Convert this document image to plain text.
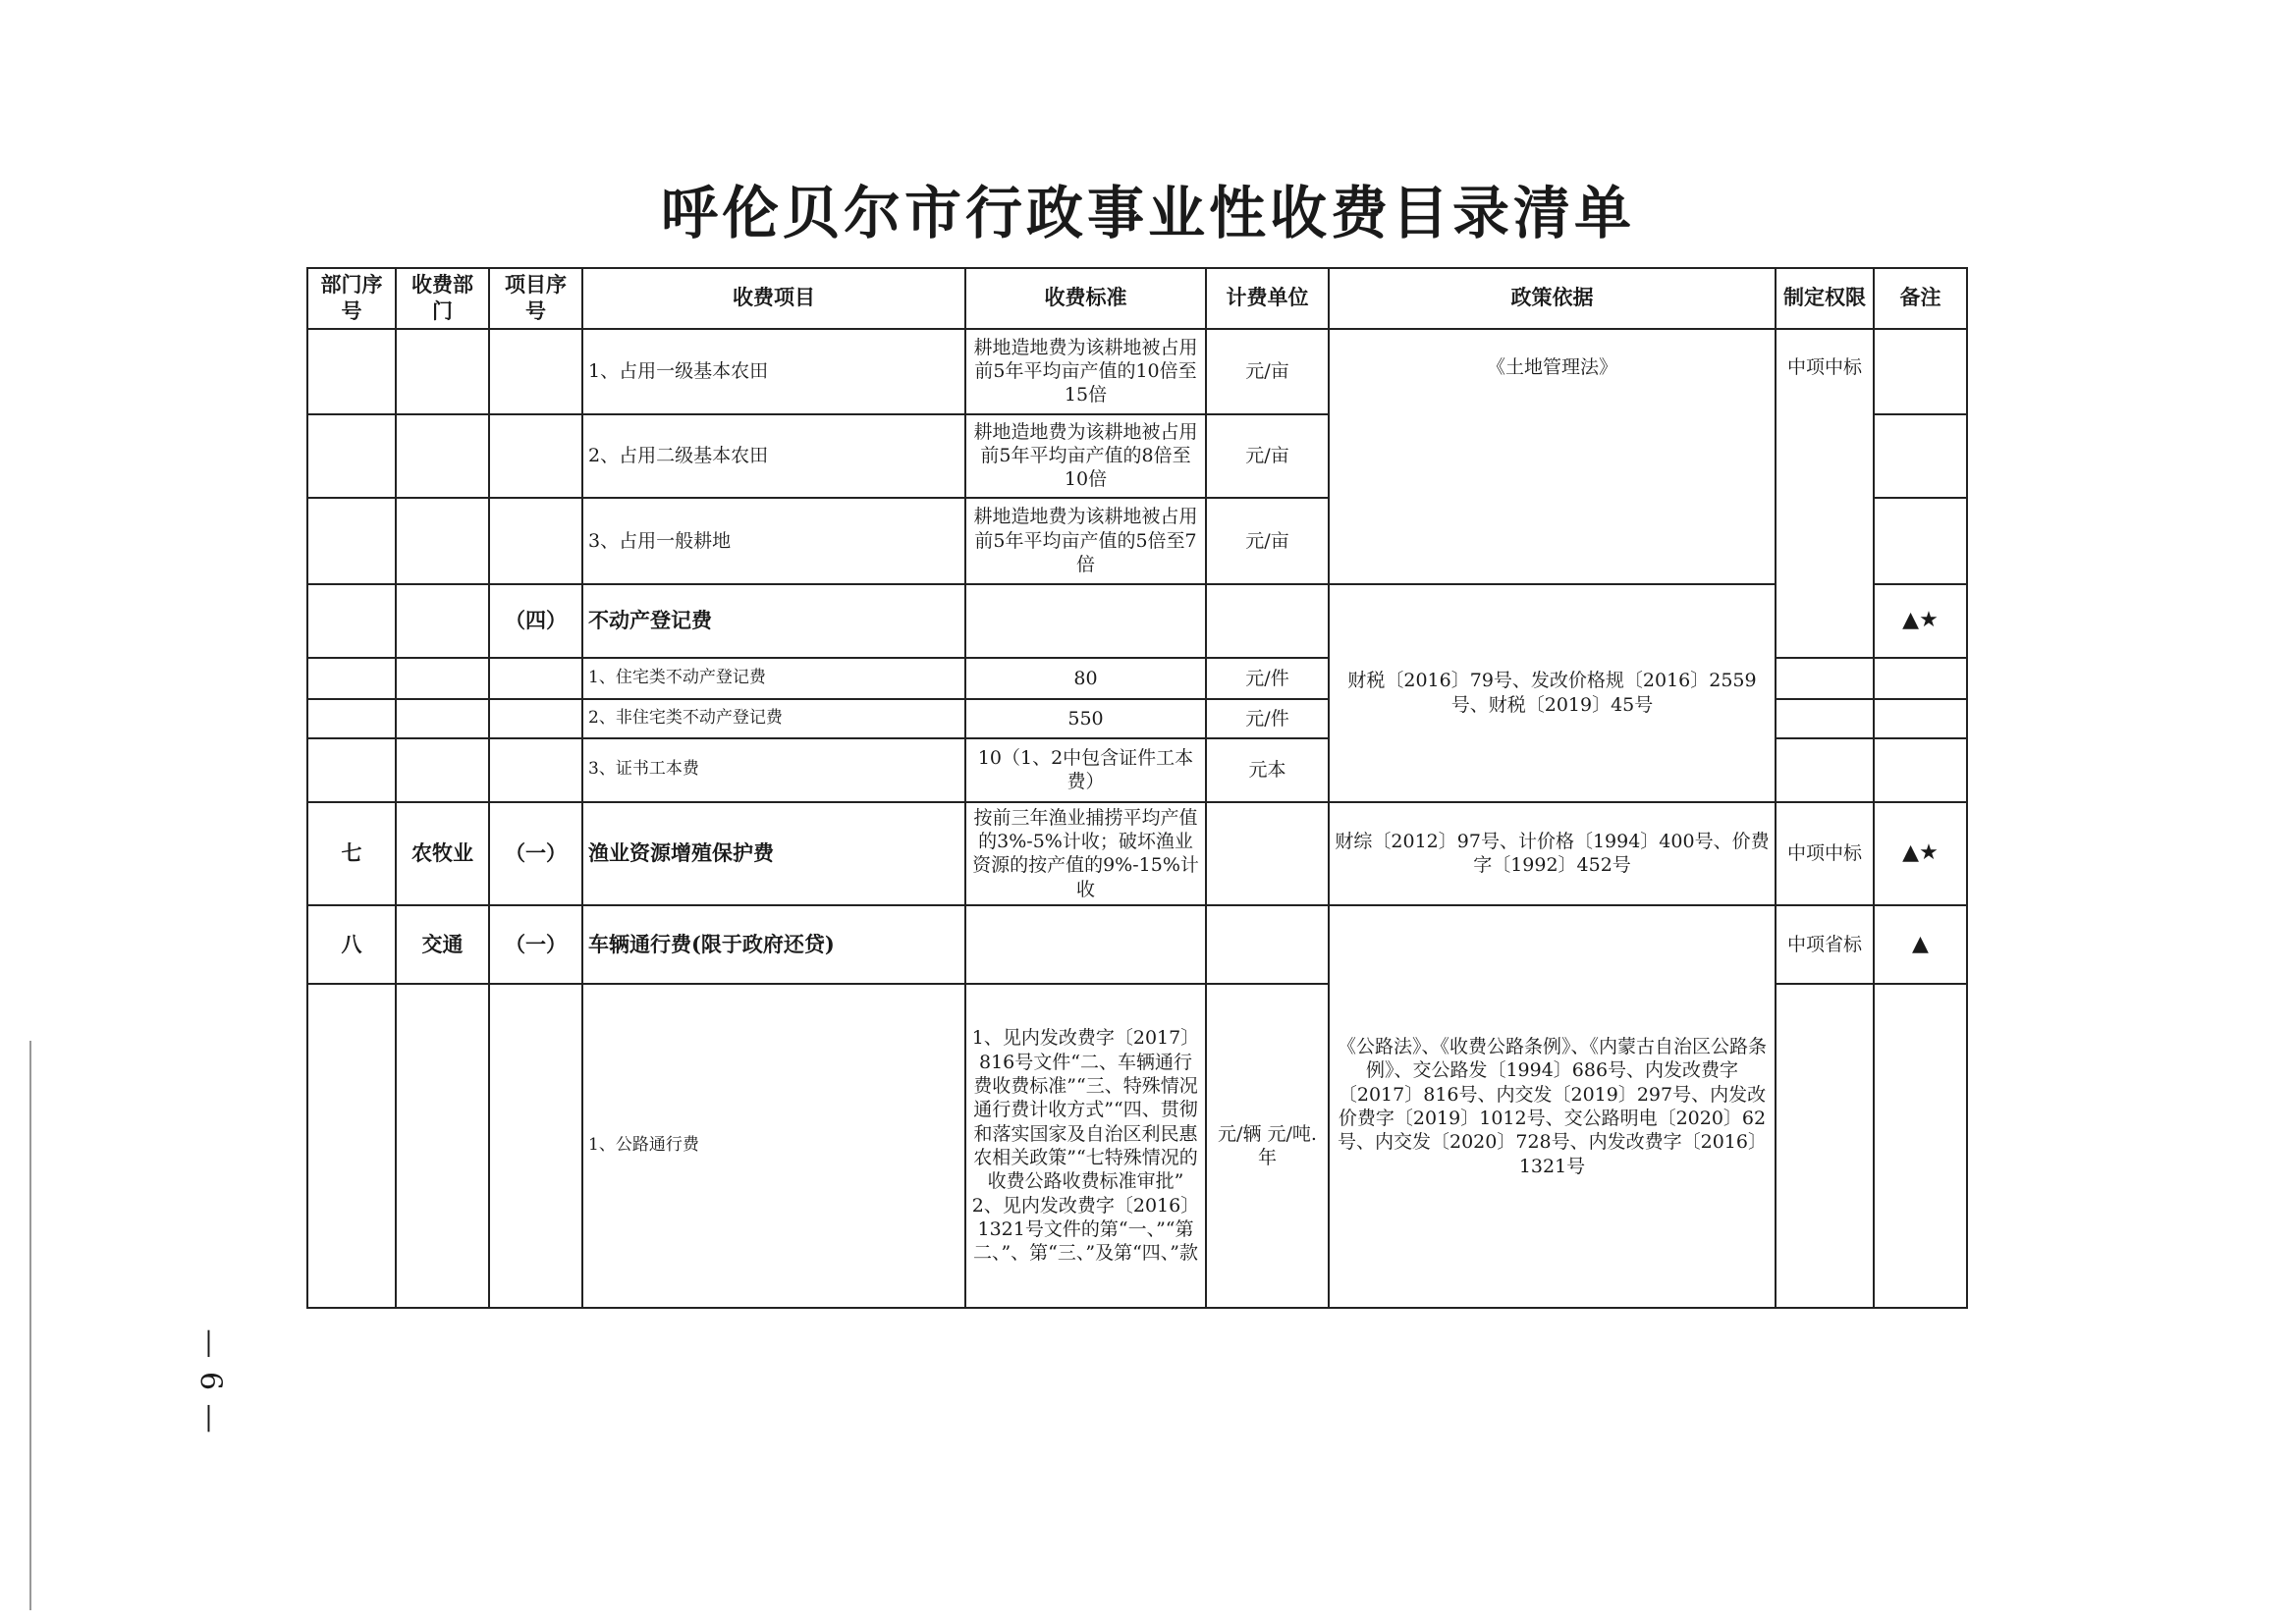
呼伦贝尔市行政事业性收费目录清单
部门序号	收费部门	项目序号	收费项目	收费标准	计费单位	政策依据	制定权限	备注
			1、占用一级基本农田	耕地造地费为该耕地被占用前5年平均亩产值的10倍至15倍	元/亩	《土地管理法》	中项中标	
			2、占用二级基本农田	耕地造地费为该耕地被占用前5年平均亩产值的8倍至10倍	元/亩			
			3、占用一般耕地	耕地造地费为该耕地被占用前5年平均亩产值的5倍至7倍	元/亩			
		（四）	不动产登记费			财税〔2016〕79号、发改价格规〔2016〕2559号、财税〔2019〕45号		▲★
			1、住宅类不动产登记费	80	元/件			
			2、非住宅类不动产登记费	550	元/件			
			3、证书工本费	10（1、2中包含证件工本费）	元本			
七	农牧业	（一）	渔业资源增殖保护费	按前三年渔业捕捞平均产值的3%-5%计收；破坏渔业资源的按产值的9%-15%计收		财综〔2012〕97号、计价格〔1994〕400号、价费字〔1992〕452号	中项中标	▲★
八	交通	（一）	车辆通行费(限于政府还贷)			《公路法》、《收费公路条例》、《内蒙古自治区公路条例》、交公路发〔1994〕686号、内发改费字〔2017〕816号、内交发〔2019〕297号、内发改价费字〔2019〕1012号、交公路明电〔2020〕62号、内交发〔2020〕728号、内发改费字〔2016〕1321号	中项省标	▲
			1、公路通行费	1、见内发改费字〔2017〕816号文件“二、车辆通行费收费标准”“三、特殊情况通行费计收方式”“四、贯彻和落实国家及自治区利民惠农相关政策”“七特殊情况的收费公路收费标准审批” 2、见内发改费字〔2016〕1321号文件的第“一、”“第二、”、第“三、”及第“四、”款	元/辆 元/吨.年			
— 6 —
